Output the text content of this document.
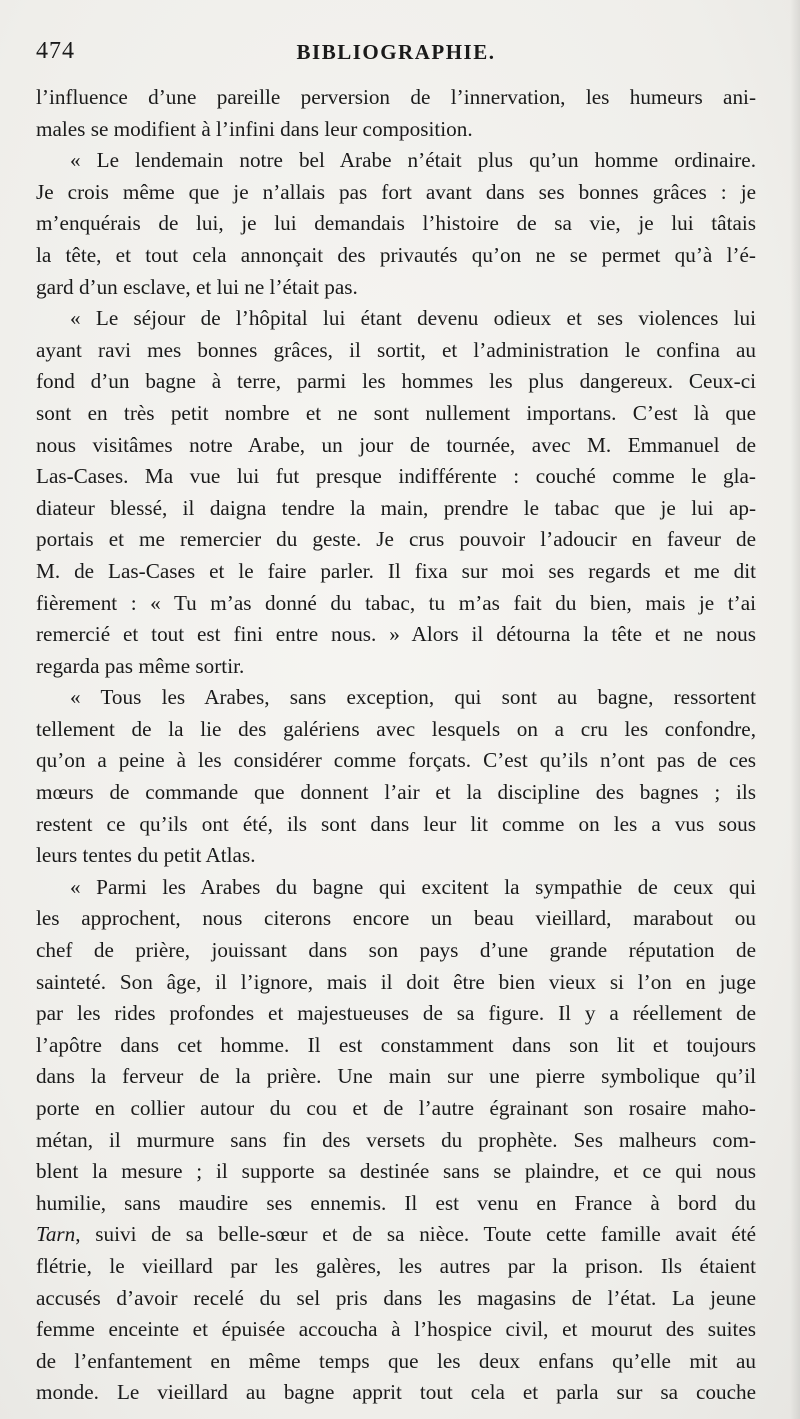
474	BIBLIOGRAPHIE.
l’influence d’une pareille perversion de l’innervation, les humeurs ani-
males se modifient à l’infini dans leur composition.
« Le lendemain notre bel Arabe n’était plus qu’un homme ordinaire.
Je crois même que je n’allais pas fort avant dans ses bonnes grâces : je
m’enquérais de lui, je lui demandais l’histoire de sa vie, je lui tâtais
la tête, et tout cela annonçait des privautés qu’on ne se permet qu’à l’é-
gard d’un esclave, et lui ne l’était pas.
« Le séjour de l’hôpital lui étant devenu odieux et ses violences lui
ayant ravi mes bonnes grâces, il sortit, et l’administration le confina au
fond d’un bagne à terre, parmi les hommes les plus dangereux. Ceux-ci
sont en très petit nombre et ne sont nullement importans. C’est là que
nous visitâmes notre Arabe, un jour de tournée, avec M. Emmanuel de
Las-Cases. Ma vue lui fut presque indifférente : couché comme le gla-
diateur blessé, il daigna tendre la main, prendre le tabac que je lui ap-
portais et me remercier du geste. Je crus pouvoir l’adoucir en faveur de
M. de Las-Cases et le faire parler. Il fixa sur moi ses regards et me dit
fièrement : « Tu m’as donné du tabac, tu m’as fait du bien, mais je t’ai
remercié et tout est fini entre nous. » Alors il détourna la tête et ne nous
regarda pas même sortir.
« Tous les Arabes, sans exception, qui sont au bagne, ressortent
tellement de la lie des galériens avec lesquels on a cru les confondre,
qu’on a peine à les considérer comme forçats. C’est qu’ils n’ont pas de ces
mœurs de commande que donnent l’air et la discipline des bagnes ; ils
restent ce qu’ils ont été, ils sont dans leur lit comme on les a vus sous
leurs tentes du petit Atlas.
« Parmi les Arabes du bagne qui excitent la sympathie de ceux qui
les approchent, nous citerons encore un beau vieillard, marabout ou
chef de prière, jouissant dans son pays d’une grande réputation de
sainteté. Son âge, il l’ignore, mais il doit être bien vieux si l’on en juge
par les rides profondes et majestueuses de sa figure. Il y a réellement de
l’apôtre dans cet homme. Il est constamment dans son lit et toujours
dans la ferveur de la prière. Une main sur une pierre symbolique qu’il
porte en collier autour du cou et de l’autre égrainant son rosaire maho-
métan, il murmure sans fin des versets du prophète. Ses malheurs com-
blent la mesure ; il supporte sa destinée sans se plaindre, et ce qui nous
humilie, sans maudire ses ennemis. Il est venu en France à bord du
Tarn, suivi de sa belle-sœur et de sa nièce. Toute cette famille avait été
flétrie, le vieillard par les galères, les autres par la prison. Ils étaient
accusés d’avoir recelé du sel pris dans les magasins de l’état. La jeune
femme enceinte et épuisée accoucha à l’hospice civil, et mourut des suites
de l’enfantement en même temps que les deux enfans qu’elle mit au
monde. Le vieillard au bagne apprit tout cela et parla sur sa couche
